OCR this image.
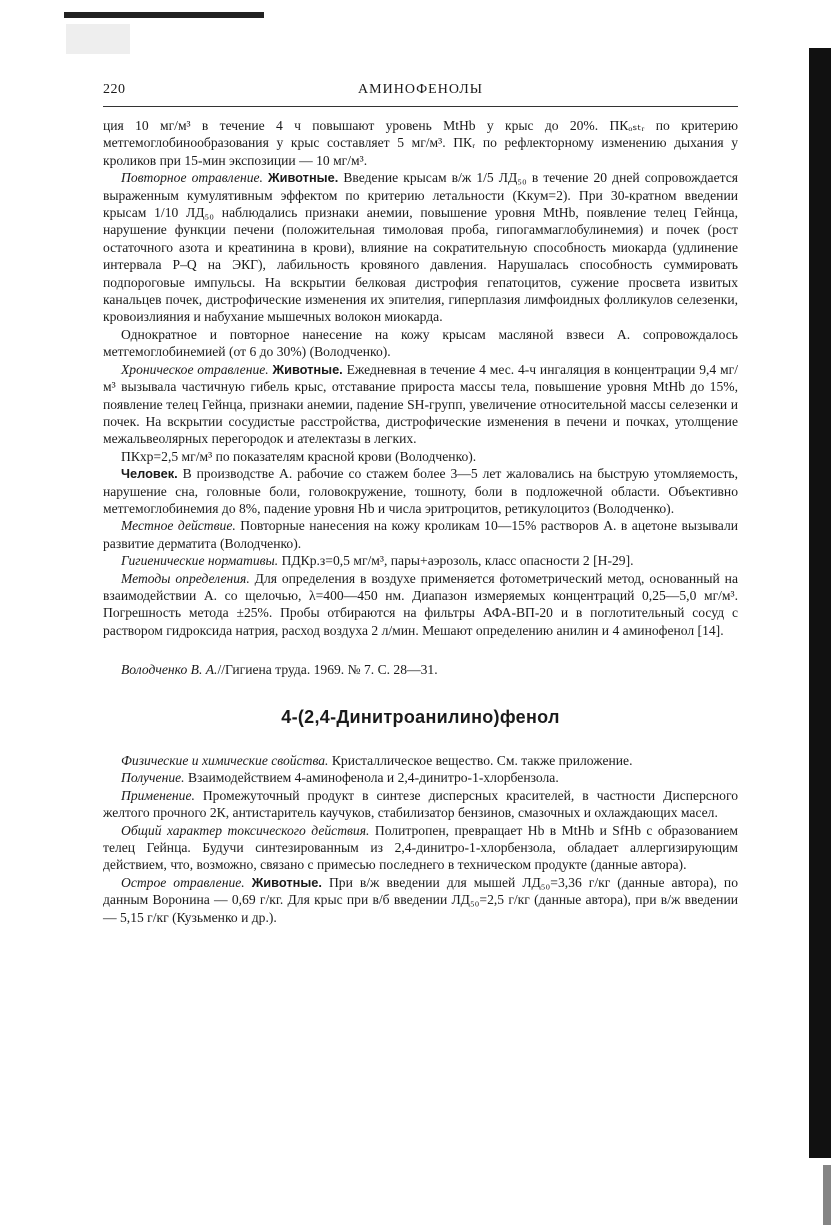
220	АМИНОФЕНОЛЫ

ция 10 мг/м³ в течение 4 ч повышают уровень MtHb у крыс до 20%. ПКₒₛₜᵣ по критерию метгемоглобинообразования у крыс составляет 5 мг/м³. ПКᵣ по рефлекторному изменению дыхания у кроликов при 15-мин экспозиции — 10 мг/м³.

Повторное отравление. Животные. Введение крысам в/ж 1/5 ЛД₅₀ в течение 20 дней сопровождается выраженным кумулятивным эффектом по критерию летальности (Kкум=2). При 30-кратном введении крысам 1/10 ЛД₅₀ наблюдались признаки анемии, повышение уровня MtHb, появление телец Гейнца, нарушение функции печени (положительная тимоловая проба, гипогаммаглобулинемия) и почек (рост остаточного азота и креатинина в крови), влияние на сократительную способность миокарда (удлинение интервала P–Q на ЭКГ), лабильность кровяного давления. Нарушалась способность суммировать подпороговые импульсы. На вскрытии белковая дистрофия гепатоцитов, сужение просвета извитых канальцев почек, дистрофические изменения их эпителия, гиперплазия лимфоидных фолликулов селезенки, кровоизлияния и набухание мышечных волокон миокарда.

Однократное и повторное нанесение на кожу крысам масляной взвеси А. сопровождалось метгемоглобинемией (от 6 до 30%) (Володченко).

Хроническое отравление. Животные. Ежедневная в течение 4 мес. 4-ч ингаляция в концентрации 9,4 мг/м³ вызывала частичную гибель крыс, отставание прироста массы тела, повышение уровня MtHb до 15%, появление телец Гейнца, признаки анемии, падение SH-групп, увеличение относительной массы селезенки и почек. На вскрытии сосудистые расстройства, дистрофические изменения в печени и почках, утолщение межальвеолярных перегородок и ателектазы в легких.

ПКхр=2,5 мг/м³ по показателям красной крови (Володченко).

Человек. В производстве А. рабочие со стажем более 3—5 лет жаловались на быструю утомляемость, нарушение сна, головные боли, головокружение, тошноту, боли в подложечной области. Объективно метгемоглобинемия до 8%, падение уровня Hb и числа эритроцитов, ретикулоцитоз (Володченко).

Местное действие. Повторные нанесения на кожу кроликам 10—15% растворов А. в ацетоне вызывали развитие дерматита (Володченко).

Гигиенические нормативы. ПДКр.з=0,5 мг/м³, пары+аэрозоль, класс опасности 2 [Н-29].

Методы определения. Для определения в воздухе применяется фотометрический метод, основанный на взаимодействии А. со щелочью, λ=400—450 нм. Диапазон измеряемых концентраций 0,25—5,0 мг/м³. Погрешность метода ±25%. Пробы отбираются на фильтры АФА-ВП-20 и в поглотительный сосуд с раствором гидроксида натрия, расход воздуха 2 л/мин. Мешают определению анилин и 4 аминофенол [14].

Володченко В. А.//Гигиена труда. 1969. № 7. С. 28—31.

4-(2,4-Динитроанилино)фенол

Физические и химические свойства. Кристаллическое вещество. См. также приложение.

Получение. Взаимодействием 4-аминофенола и 2,4-динитро-1-хлорбензола.

Применение. Промежуточный продукт в синтезе дисперсных красителей, в частности Дисперсного желтого прочного 2К, антистаритель каучуков, стабилизатор бензинов, смазочных и охлаждающих масел.

Общий характер токсического действия. Политропен, превращает Hb в MtHb и SfHb с образованием телец Гейнца. Будучи синтезированным из 2,4-динитро-1-хлорбензола, обладает аллергизирующим действием, что, возможно, связано с примесью последнего в техническом продукте (данные автора).

Острое отравление. Животные. При в/ж введении для мышей ЛД₅₀=3,36 г/кг (данные автора), по данным Воронина — 0,69 г/кг. Для крыс при в/б введении ЛД₅₀=2,5 г/кг (данные автора), при в/ж введении — 5,15 г/кг (Кузьменко и др.).
